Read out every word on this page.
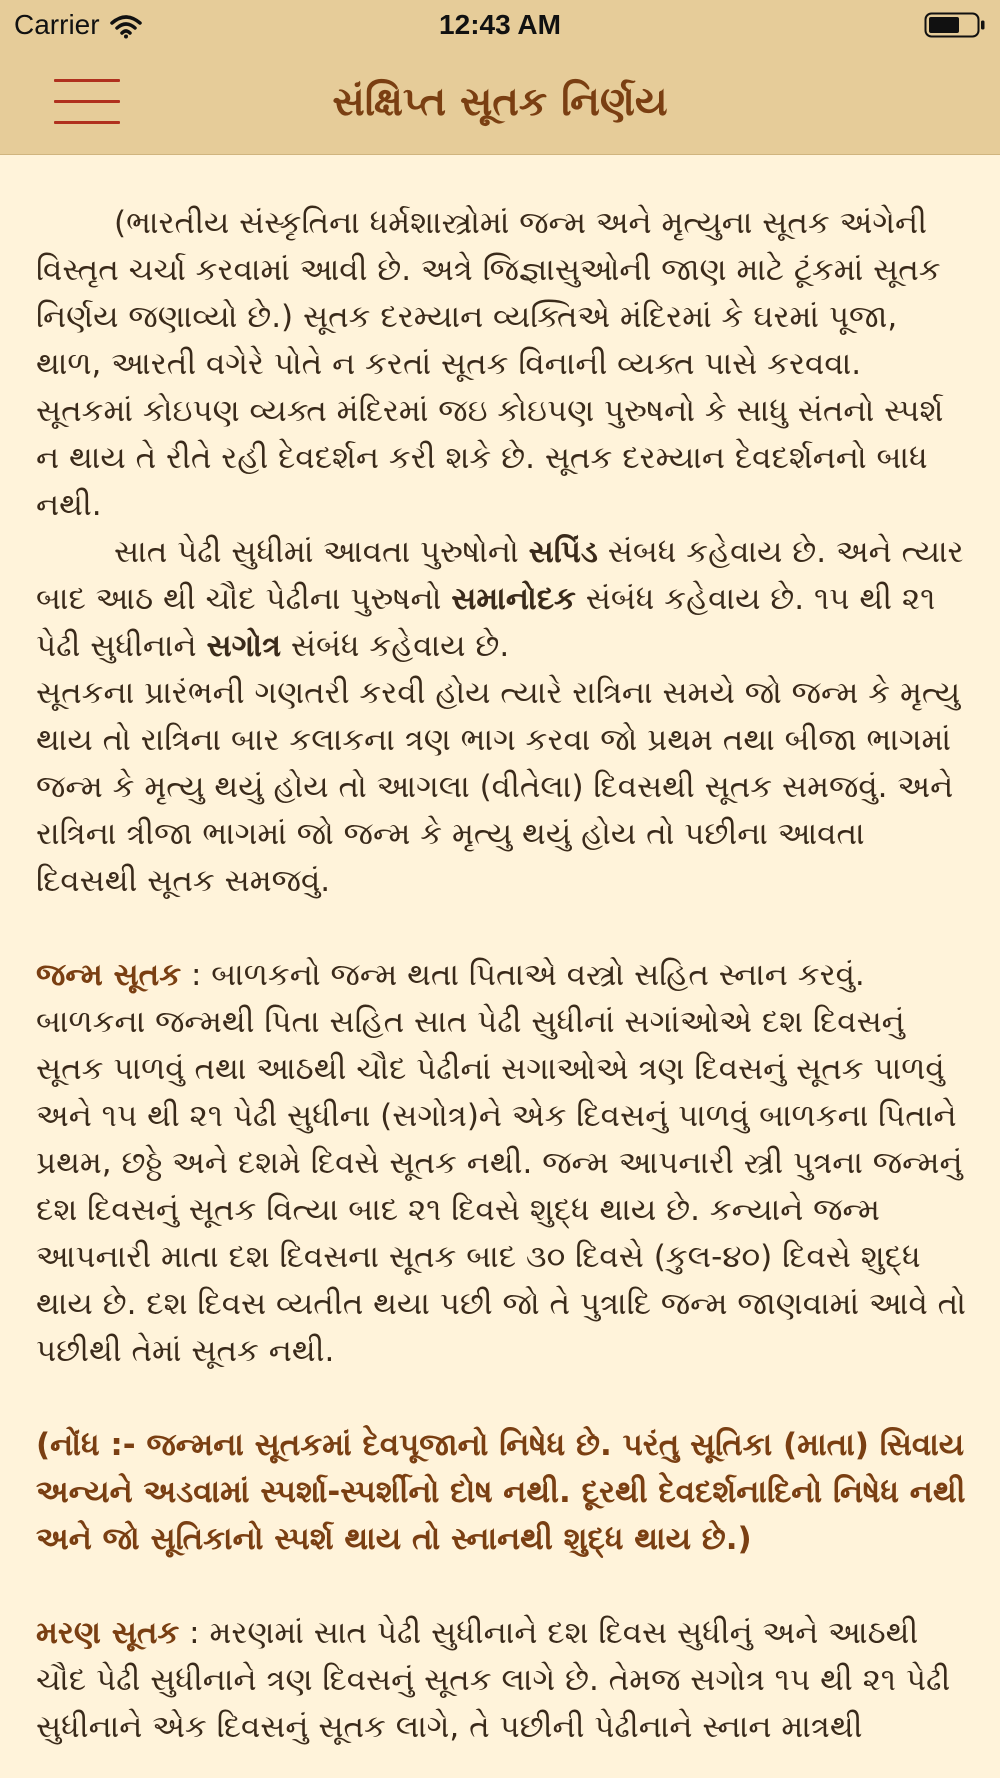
Carrier	12:43 AM
સંક્ષિપ્ત સૂતક નિર્ણય

(ભારતીય સંસ્કૃતિના ધર્મશાસ્ત્રોમાં જન્મ અને મૃત્યુના સૂતક અંગેની વિસ્તૃત ચર્ચા કરવામાં આવી છે. અત્રે જિજ્ઞાસુઓની જાણ માટે ટૂંકમાં સૂતક નિર્ણય જણાવ્યો છે.) સૂતક દરમ્યાન વ્યક્તિએ મંદિરમાં કે ઘરમાં પૂજા, થાળ, આરતી વગેરે પોતે ન કરતાં સૂતક વિનાની વ્યક્ત પાસે કરવવા. સૂતકમાં કોઇપણ વ્યક્ત મંદિરમાં જઇ કોઇપણ પુરુષનો કે સાધુ સંતનો સ્પર્શ ન થાય તે રીતે રહી દેવદર્શન કરી શકે છે. સૂતક દરમ્યાન દેવદર્શનનો બાધ નથી.

સાત પેઢી સુધીમાં આવતા પુરુષોનો સપિંડ સંબધ કહેવાય છે. અને ત્યાર બાદ આઠ થી ચૌદ પેઢીના પુરુષનો સમાનોદક સંબંધ કહેવાય છે. ૧૫ થી ૨૧ પેઢી સુધીનાને સગોત્ર સંબંધ કહેવાય છે.

સૂતકના પ્રારંભની ગણતરી કરવી હોય ત્યારે રાત્રિના સમયે જો જન્મ કે મૃત્યુ થાય તો રાત્રિના બાર કલાકના ત્રણ ભાગ કરવા જો પ્રથમ તથા બીજા ભાગમાં જન્મ કે મૃત્યુ થયું હોય તો આગલા (વીતેલા) દિવસથી સૂતક સમજવું. અને રાત્રિના ત્રીજા ભાગમાં જો જન્મ કે મૃત્યુ થયું હોય તો પછીના આવતા દિવસથી સૂતક સમજવું.

જન્મ સૂતક : બાળકનો જન્મ થતા પિતાએ વસ્ત્રો સહિત સ્નાન કરવું. બાળકના જન્મથી પિતા સહિત સાત પેઢી સુધીનાં સગાંઓએ દશ દિવસનું સૂતક પાળવું તથા આઠથી ચૌદ પેઢીનાં સગાઓએ ત્રણ દિવસનું સૂતક પાળવું અને ૧૫ થી ૨૧ પેઢી સુધીના (સગોત્ર)ને એક દિવસનું પાળવું બાળકના પિતાને પ્રથમ, છઠ્ઠે અને દશમે દિવસે સૂતક નથી. જન્મ આપનારી સ્ત્રી પુત્રના જન્મનું દશ દિવસનું સૂતક વિત્યા બાદ ૨૧ દિવસે શુદ્ધ થાય છે. કન્યાને જન્મ આપનારી માતા દશ દિવસના સૂતક બાદ ૩૦ દિવસે (કુલ-૪૦) દિવસે શુદ્ધ થાય છે. દશ દિવસ વ્યતીત થયા પછી જો તે પુત્રાદિ જન્મ જાણવામાં આવે તો પછીથી તેમાં સૂતક નથી.

(નોંધ :- જન્મના સૂતકમાં દેવપૂજાનો નિષેધ છે. પરંતુ સૂતિકા (માતા) સિવાય અન્યને અડવામાં સ્પર્શા-સ્પર્શીનો દોષ નથી. દૂરથી દેવદર્શનાદિનો નિષેધ નથી અને જો સૂતિકાનો સ્પર્શ થાય તો સ્નાનથી શુદ્ધ થાય છે.)

મરણ સૂતક : મરણમાં સાત પેઢી સુધીનાને દશ દિવસ સુધીનું અને આઠથી ચૌદ પેઢી સુધીનાને ત્રણ દિવસનું સૂતક લાગે છે. તેમજ સગોત્ર ૧૫ થી ૨૧ પેઢી સુધીનાને એક દિવસનું સૂતક લાગે, તે પછીની પેઢીનાને સ્નાન માત્રથી
